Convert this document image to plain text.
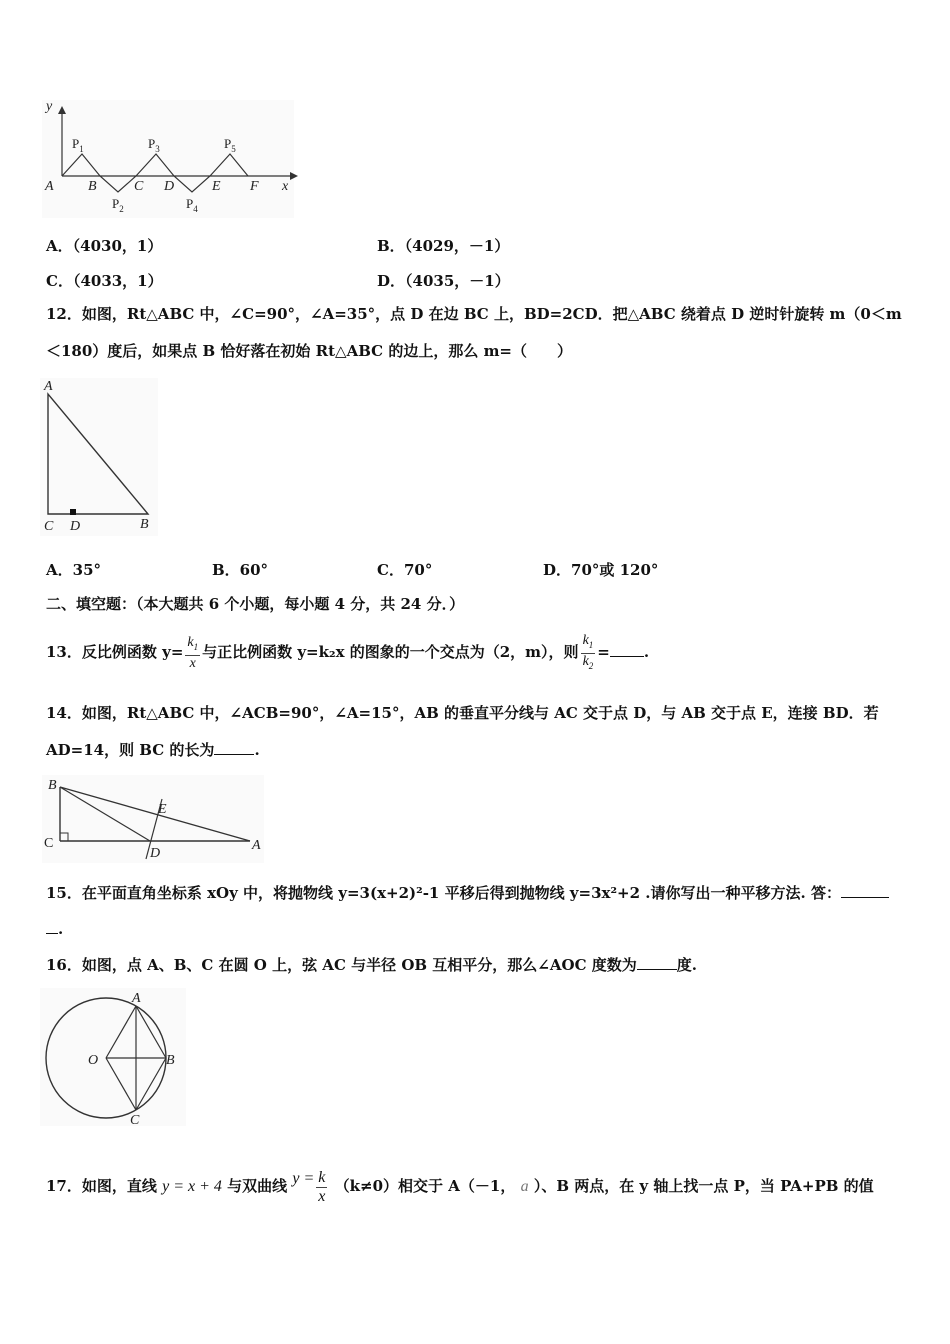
y
x
A B	C D	E F
$P_1$
$P_2$
$P_3$
$P_4$
$P_5$
A．（4030，1）	B．（4029，－1）
C．（4033，1）	D．（4035，－1）
12．如图，Rt△ABC 中，∠C=90°，∠A=35°，点 D 在边 BC 上，BD=2CD．把△ABC 绕着点 D 逆时针旋转 m（0＜m
＜180）度后，如果点 B 恰好落在初始 Rt△ABC 的边上，那么 m=（　　）
A
C D	B
A．35°	B．60°	C．70°	D．70°或 120°
二、填空题：（本大题共 6 个小题，每小题 4 分，共 24 分．）
13．反比例函数 $y= \frac{k_1}{x}$ 与正比例函数 y=k₂x 的图象的一个交点为（2，m），则 $\frac{k_1}{k_2}$ = .
14．如图，Rt△ABC 中，∠ACB=90°，∠A=15°，AB 的垂直平分线与 AC 交于点 D，与 AB 交于点 E，连接 BD．若
AD=14，则 BC 的长为	.
B
C
D
E
A
15．在平面直角坐标系 xOy 中，将抛物线 y=3(x+2)²-1 平移后得到抛物线 y=3x²+2 .请你写出一种平移方法. 答：
.
16．如图，点 A、B、C 在圆 O 上，弦 AC 与半径 OB 互相平分，那么∠AOC 度数为	度.
A
O	B
C
17．如图，直线 y = x + 4 与双曲线 $y = \frac{k}{x} (k\ne 0)$相交于 A（－1， a ）、B 两点，在 y 轴上找一点 P，当 PA+PB 的值
